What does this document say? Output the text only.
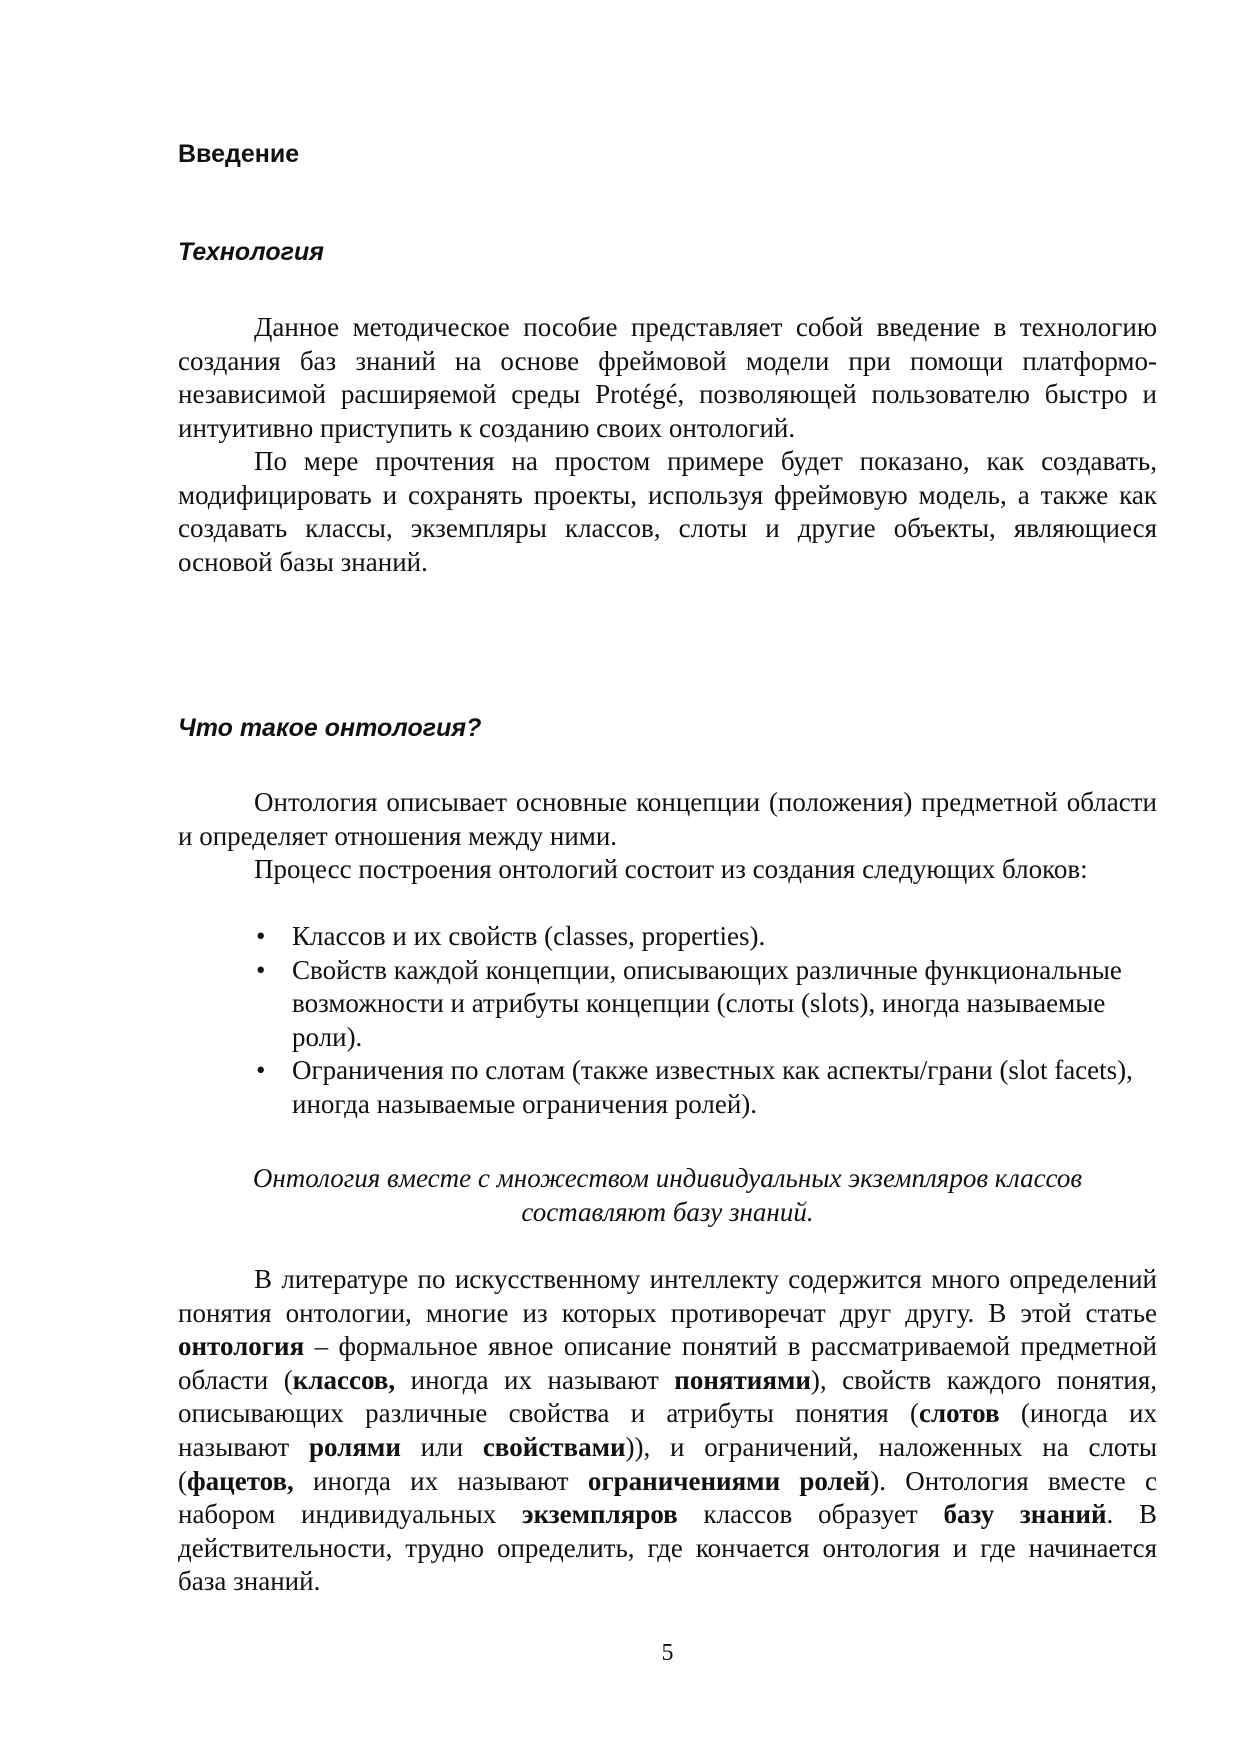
Введение
Технология

Данное методическое пособие представляет собой введение в технологию создания баз знаний на основе фреймовой модели при помощи платформо-независимой расширяемой среды Protégé, позволяющей пользователю быстро и интуитивно приступить к созданию своих онтологий.

По мере прочтения на простом примере будет показано, как создавать, модифицировать и сохранять проекты, используя фреймовую модель, а также как создавать классы, экземпляры классов, слоты и другие объекты, являющиеся основой базы знаний.

Что такое онтология?

Онтология описывает основные концепции (положения) предметной области и определяет отношения между ними.

Процесс построения онтологий состоит из создания следующих блоков:

• Классов и их свойств (classes, properties).
• Свойств каждой концепции, описывающих различные функциональные возможности и атрибуты концепции (слоты (slots), иногда называемые роли).
• Ограничения по слотам (также известных как аспекты/грани (slot facets), иногда называемые ограничения ролей).

Онтология вместе с множеством индивидуальных экземпляров классов
составляют базу знаний.

В литературе по искусственному интеллекту содержится много определений понятия онтологии, многие из которых противоречат друг другу. В этой статье онтология – формальное явное описание понятий в рассматриваемой предметной области (классов, иногда их называют понятиями), свойств каждого понятия, описывающих различные свойства и атрибуты понятия (слотов (иногда их называют ролями или свойствами)), и ограничений, наложенных на слоты (фацетов, иногда их называют ограничениями ролей). Онтология вместе с набором индивидуальных экземпляров классов образует базу знаний. В действительности, трудно определить, где кончается онтология и где начинается база знаний.

5
